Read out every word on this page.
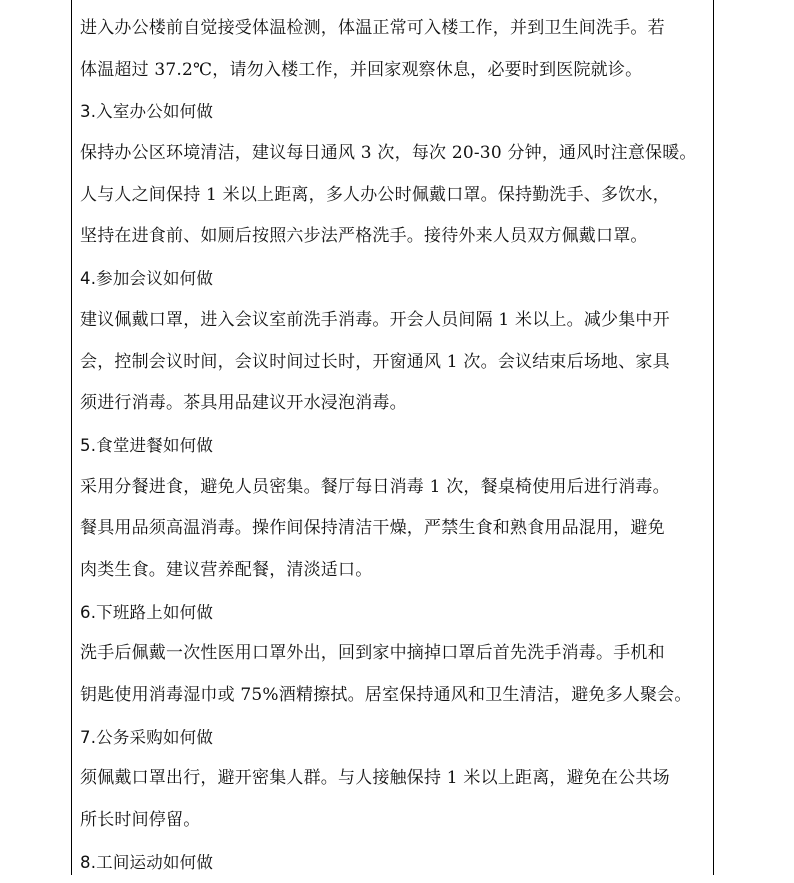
进入办公楼前自觉接受体温检测，体温正常可入楼工作，并到卫生间洗手。若
体温超过 37.2℃，请勿入楼工作，并回家观察休息，必要时到医院就诊。
3.入室办公如何做
保持办公区环境清洁，建议每日通风 3 次，每次 20-30 分钟，通风时注意保暖。
人与人之间保持 1 米以上距离，多人办公时佩戴口罩。保持勤洗手、多饮水，
坚持在进食前、如厕后按照六步法严格洗手。接待外来人员双方佩戴口罩。
4.参加会议如何做
建议佩戴口罩，进入会议室前洗手消毒。开会人员间隔 1 米以上。减少集中开
会，控制会议时间，会议时间过长时，开窗通风 1 次。会议结束后场地、家具
须进行消毒。茶具用品建议开水浸泡消毒。
5.食堂进餐如何做
采用分餐进食，避免人员密集。餐厅每日消毒 1 次，餐桌椅使用后进行消毒。
餐具用品须高温消毒。操作间保持清洁干燥，严禁生食和熟食用品混用，避免
肉类生食。建议营养配餐，清淡适口。
6.下班路上如何做
洗手后佩戴一次性医用口罩外出，回到家中摘掉口罩后首先洗手消毒。手机和
钥匙使用消毒湿巾或 75%酒精擦拭。居室保持通风和卫生清洁，避免多人聚会。
7.公务采购如何做
须佩戴口罩出行，避开密集人群。与人接触保持 1 米以上距离，避免在公共场
所长时间停留。
8.工间运动如何做
